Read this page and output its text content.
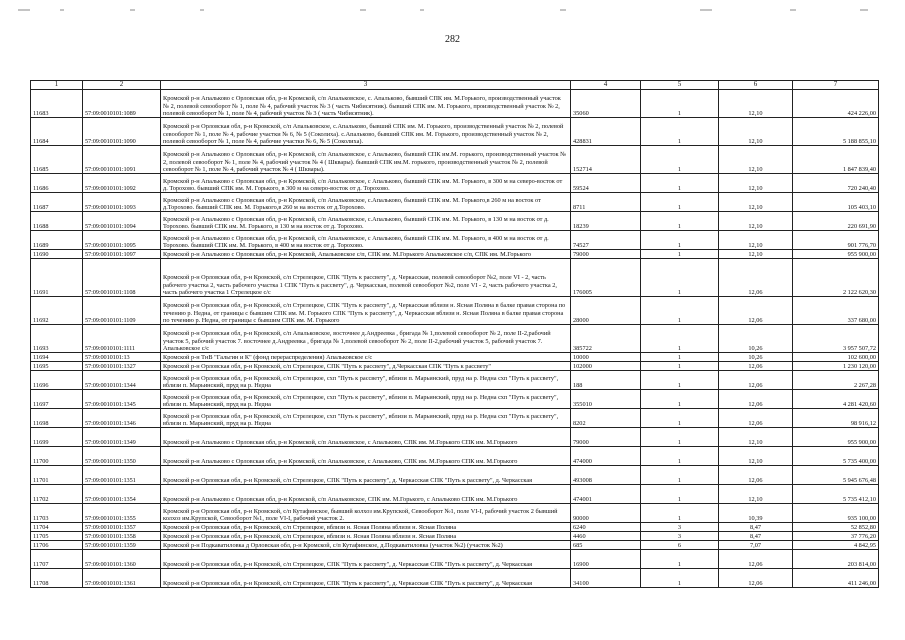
282
1	2	3	4	5	6	7
11683	57:09:0010101:1089	Кромской р-н Апальково с Орловская обл, р-н Кромской, с/п Апальковское, с. Апальково, бывший СПК им. М.Горького, производственный участок № 2, полевой севооборот № 1, поле № 4, рабочий участок № 3 ( часть Чибисятник). бывший СПК им. М. Горького, производственный участок № 2, полевой севооборот № 1, поле № 4, рабочий участок № 3 ( часть Чибисятник).	35060	1	12,10	424 226,00
11684	57:09:0010101:1090	Кромской р-н Орловская обл, р-н Кромской, с/п Апальковское, с.Апальково, бывший СПК им. М. Горького, производственный участок № 2, полевой севооборот № 1, поле № 4, рабочие участки № 6, № 5 (Соколиха). с.Апальково, бывший СПК им. М. Горького, производственный участок № 2, полевой севооборот № 1, поле № 4, рабочие участки № 6, № 5 (Соколиха).	428831	1	12,10	5 188 855,10
11685	57:09:0010101:1091	Кромской р-н Апальково с Орловская обл, р-н Кромской, с/п Апальковское, с Апальково, бывший СПК им.М. горького, производственный участок № 2, полевой севооборот № 1, поле № 4, рабочий участок № 4 ( Шквары). бывший СПК им.М. горького, производственный участок № 2, полевой севооборот № 1, поле № 4, рабочий участок № 4 ( Шквары).	152714	1	12,10	1 847 839,40
11686	57:09:0010101:1092	Кромской р-н Апальково с Орловская обл, р-н Кромской, с/п Апальковское, с Апальково, бывший СПК им. М. Горького, в 300 м на северо-восток от д. Торохово. бывший СПК им. М. Горького, в 300 м на северо-восток от д. Торохово.	59524	1	12,10	720 240,40
11687	57:09:0010101:1093	Кромской р-н Апальково с Орловская обл, р-н Кромской, с/п Апальковское, с.Апальково, бывший СПК им. М. Горького,в 260 м на восток от д.Торохово. бывший СПК им. М. Горького,в 260 м на восток от д.Торохово.	8711	1	12,10	105 403,10
11688	57:09:0010101:1094	Кромской р-н Апальково с Орловская обл, р-н Кромской, с/п Апальковское, с.Апальково, бывший СПК им. М. Горького, в 130 м на восток от д. Торохово. бывший СПК им. М. Горького, в 130 м на восток от д. Торохово.	18239	1	12,10	220 691,90
11689	57:09:0010101:1095	Кромской р-н Апальково с Орловская обл, р-н Кромской, с/п Апальковское, с Апальково, бывший СПК им. М. Горького, в 400 м на восток от д. Торохово. бывший СПК им. М. Горького, в 400 м на восток от д. Торохово.	74527	1	12,10	901 776,70
11690	57:09:0010101:1097	Кромской р-н Апальково с Орловская обл, р-н Кромской, Апальковское с/п, СПК им. М.Горького Апальковское с/п, СПК им. М.Горького	79000	1	12,10	955 900,00
11691	57:09:0010101:1108	Кромской р-н Орловская обл, р-н Кромской, с/п Стрелецкое, СПК "Путь к рассвету", д. Черкасская, полевой севооборот №2, поле VI - 2, часть рабочего участка 2, часть рабочего участка 1 СПК "Путь к рассвету", д. Черкасская, полевой севооборот №2, поле VI - 2, часть рабочего участка 2, часть рабочего участка 1 Стрелецкое с/с	176005	1	12,06	2 122 620,30
11692	57:09:0010101:1109	Кромской р-н Орловская обл, р-н Кромской, с/п Стрелецкое, СПК "Путь к рассвету", д. Черкасская вблизи н. Ясная Поляна в балке правая сторона по течению р. Недна, от границы с бывшим СПК им. М. Горького СПК "Путь к рассвету", д. Черкасская вблизи н. Ясная Поляна в балке правая сторона по течению р. Недна, от границы с бывшим СПК им. М. Горького	28000	1	12,06	337 680,00
11693	57:09:0010101:1111	Кромской р-н Орловская обл, р-н Кромской, с/п Апальковское, восточнее д.Андреевка , бригада № 1,полевой севооборот № 2, поле II-2,рабочий участок 5, рабочий участок 7. восточнее д.Андреевка , бригада № 1,полевой севооборот № 2, поле II-2,рабочий участок 5, рабочий участок 7. Апальковское с/с	385722	1	10,26	3 957 507,72
11694	57:09:0010101:13	Кромской р-н ТнВ "Гальгин и К" (фонд перераспределения) Апальковское с/с	10000	1	10,26	102 600,00
11695	57:09:0010101:1327	Кромской р-н Орловская обл, р-н Кромской, с/п Стрелецкое, СПК "Путь к рассвету", д.Черкасская СПК "Путь к рассвету"	102000	1	12,06	1 230 120,00
11696	57:09:0010101:1344	Кромской р-н Орловская обл, р-н Кромской, с/п Стрелецкое, схп "Путь к рассвету", вблизи п. Марьинский, пруд на р. Недна схп "Путь к рассвету", вблизи п. Марьинский, пруд на р. Недна	188	1	12,06	2 267,28
11697	57:09:0010101:1345	Кромской р-н Орловская обл, р-н Кромской, с/п Стрелецкое, схп "Путь к рассвету", вблизи п. Марьинский, пруд на р. Недна схп "Путь к рассвету", вблизи п. Марьинский, пруд на р. Недна	355010	1	12,06	4 281 420,60
11698	57:09:0010101:1346	Кромской р-н Орловская обл, р-н Кромской, с/п Стрелецкое, схп "Путь к рассвету", вблизи п. Марьинский, пруд на р. Недна схп "Путь к рассвету", вблизи п. Марьинский, пруд на р. Недна	8202	1	12,06	98 916,12
11699	57:09:0010101:1349	Кромской р-н Апальково с Орловская обл, р-н Кромской, с/п Апальковское, с Апальково, СПК им. М.Горького СПК им. М.Горького	79000	1	12,10	955 900,00
11700	57:09:0010101:1350	Кромской р-н Апальково с Орловская обл, р-н Кромской, с/п Апальковское, с Апальково, СПК им. М.Горького СПК им. М.Горького	474000	1	12,10	5 735 400,00
11701	57:09:0010101:1351	Кромской р-н Орловская обл, р-н Кромской, с/п Стрелецкое, СПК "Путь к рассвету", д. Черкасская СПК "Путь к рассвету", д. Черкасская	493008	1	12,06	5 945 676,48
11702	57:09:0010101:1354	Кромской р-н Апальково с Орловская обл, р-н Кромской, с/п Апальковское, СПК им. М.Горького, с Апальково СПК им. М.Горького	474001	1	12,10	5 735 412,10
11703	57:09:0010101:1355	Кромской р-н Орловская обл, р-н Кромской, с/п Кутафинское, бывший колхоз им.Крупской, Севооборот №1, поле VI-I, рабочий участок 2 бывший колхоз им.Крупской, Севооборот №1, поле VI-I, рабочий участок 2.	90000	1	10,39	935 100,00
11704	57:09:0010101:1357	Кромской р-н Орловская обл, р-н Кромской, с/п Стрелецкое, вблизи н. Ясная Поляна вблизи н. Ясная Поляна	6240	3	8,47	52 852,80
11705	57:09:0010101:1358	Кромской р-н Орловская обл, р-н Кромской, с/п Стрелецкое, вблизи н. Ясная Поляна вблизи н. Ясная Поляна	4460	3	8,47	37 776,20
11706	57:09:0010101:1359	Кромской р-н Подкаватиловка д Орловская обл, р-н Кромской, с/п Кутафинское, д.Подкаватиловка (участок №2) (участок №2)	685	6	7,07	4 842,95
11707	57:09:0010101:1360	Кромской р-н Орловская обл, р-н Кромской, с/п Стрелецкое, СПК "Путь к рассвету", д. Черкасская СПК "Путь к рассвету", д. Черкасская	16900	1	12,06	203 814,00
11708	57:09:0010101:1361	Кромской р-н Орловская обл, р-н Кромской, с/п Стрелецкое, СПК "Путь к рассвету", д. Черкасская СПК "Путь к рассвету", д. Черкасская	34100	1	12,06	411 246,00
